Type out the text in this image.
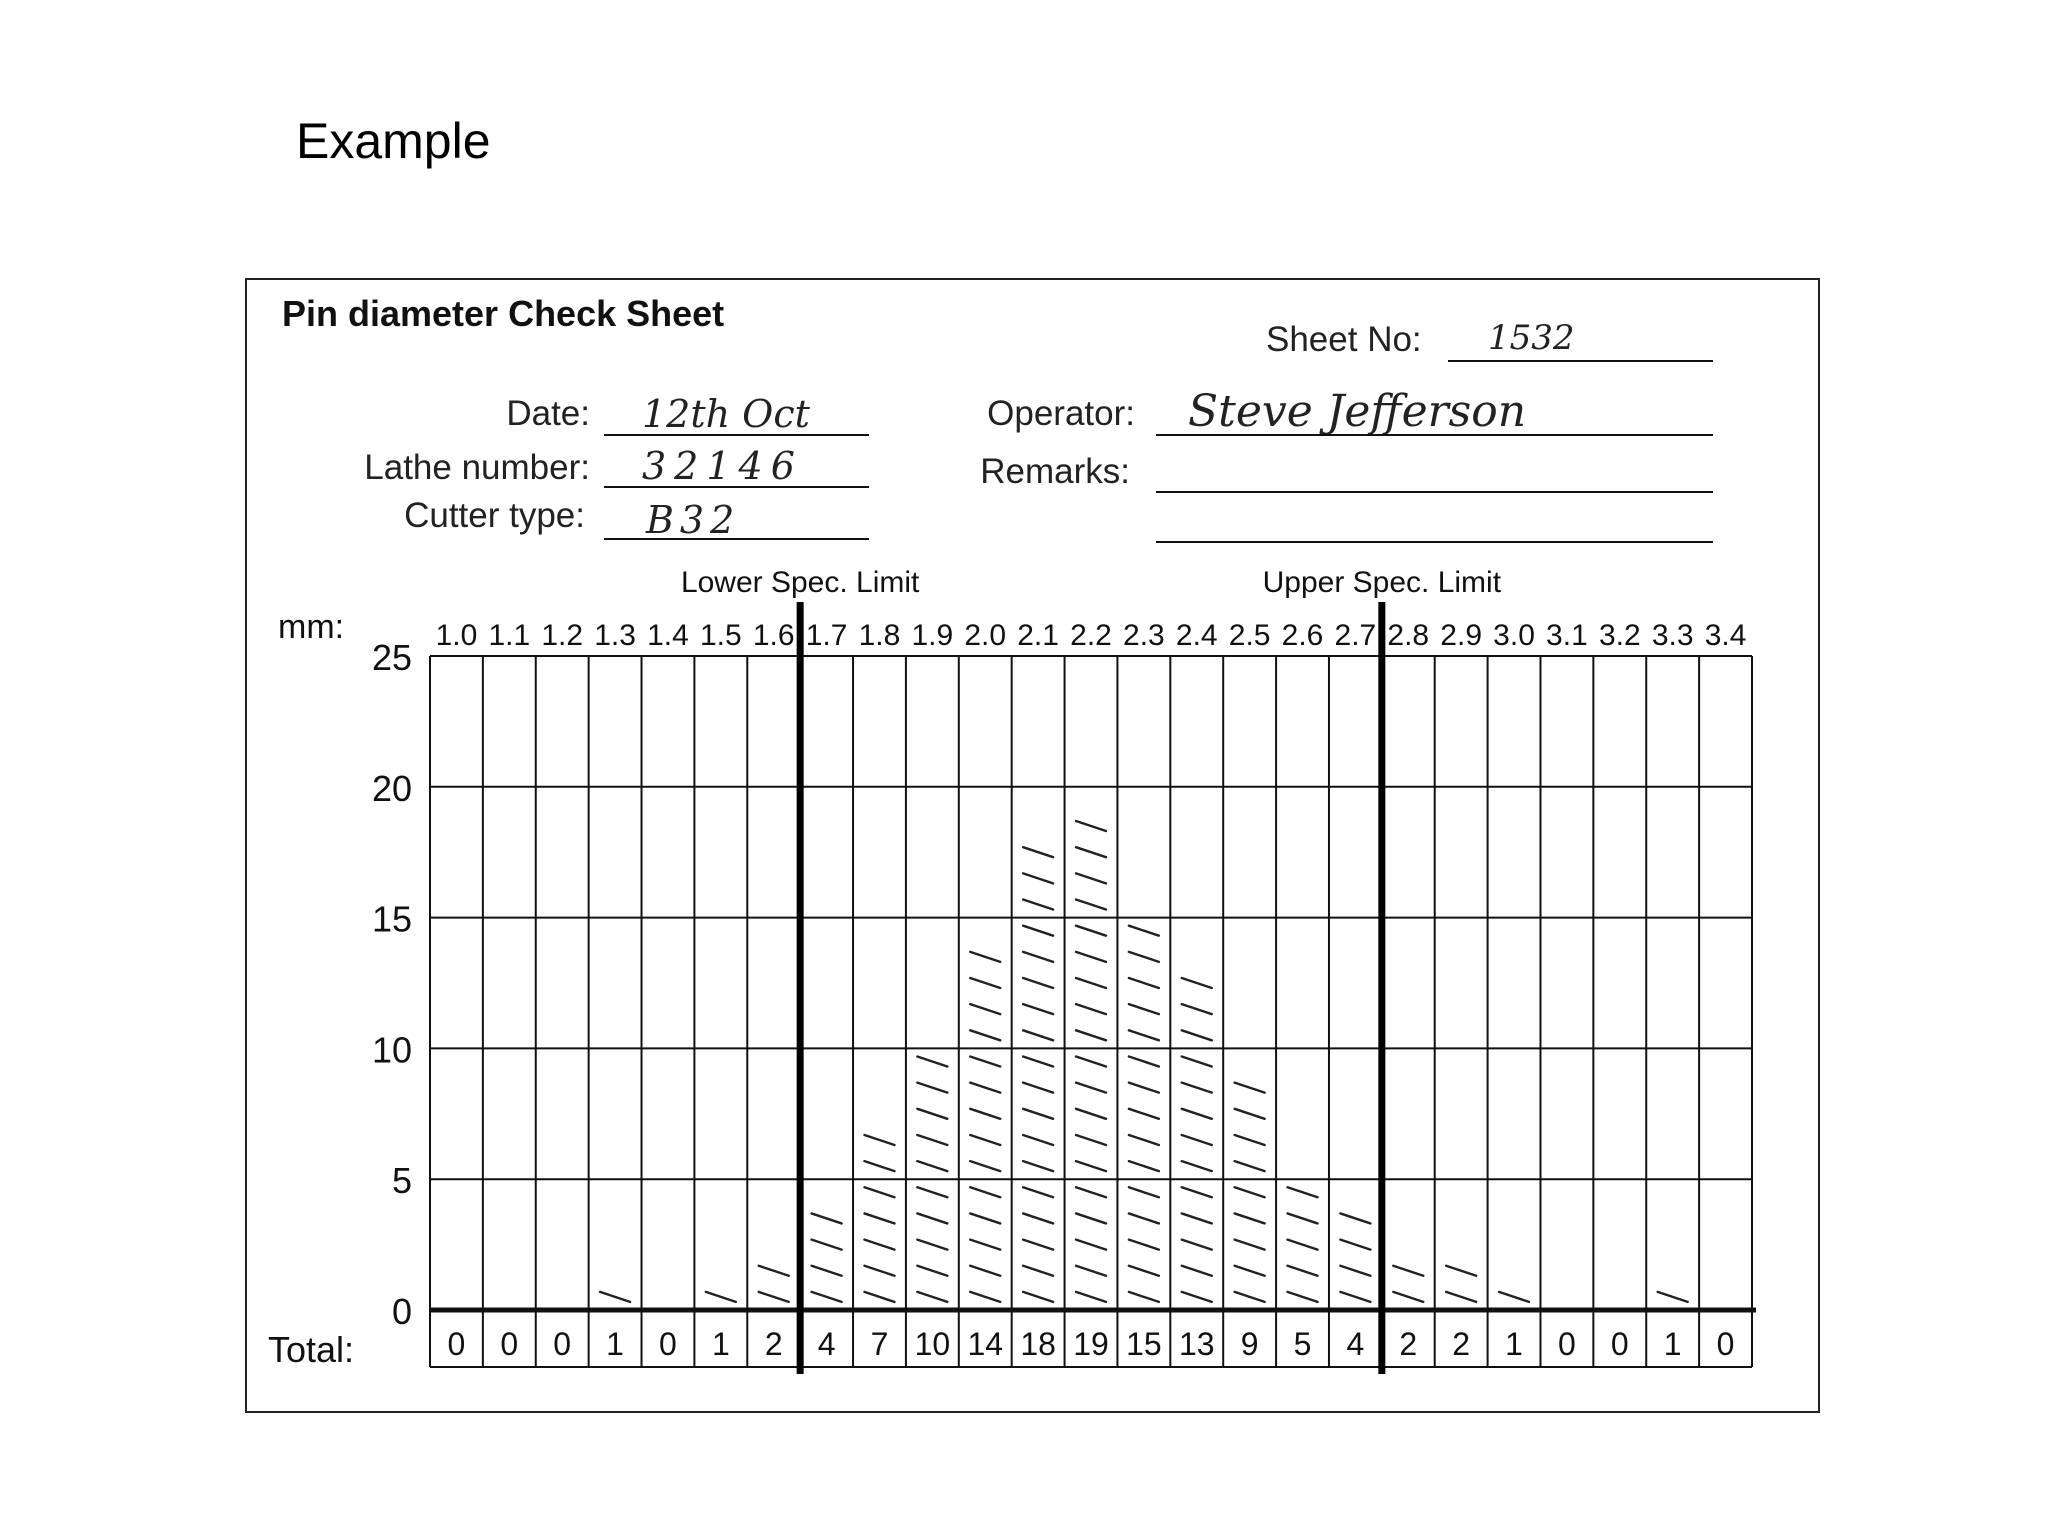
Example
Pin diameter Check Sheet
Sheet No: 1532
Date: 12th Oct
Lathe number: 32146
Cutter type: B32
Operator: Steve Jefferson
Remarks:
25
20
15
10
5
0
1.0
0
1.1
0
1.2
0
1.3
1
1.4
0
1.5
1
1.6
2
1.7
4
1.8
7
1.9
10
2.0
14
2.1
18
2.2
19
2.3
15
2.4
13
2.5
9
2.6
5
2.7
4
2.8
2
2.9
2
3.0
1
3.1
0
3.2
0
3.3
1
3.4
0
Lower Spec. Limit	Upper Spec. Limit
mm:
Total:
